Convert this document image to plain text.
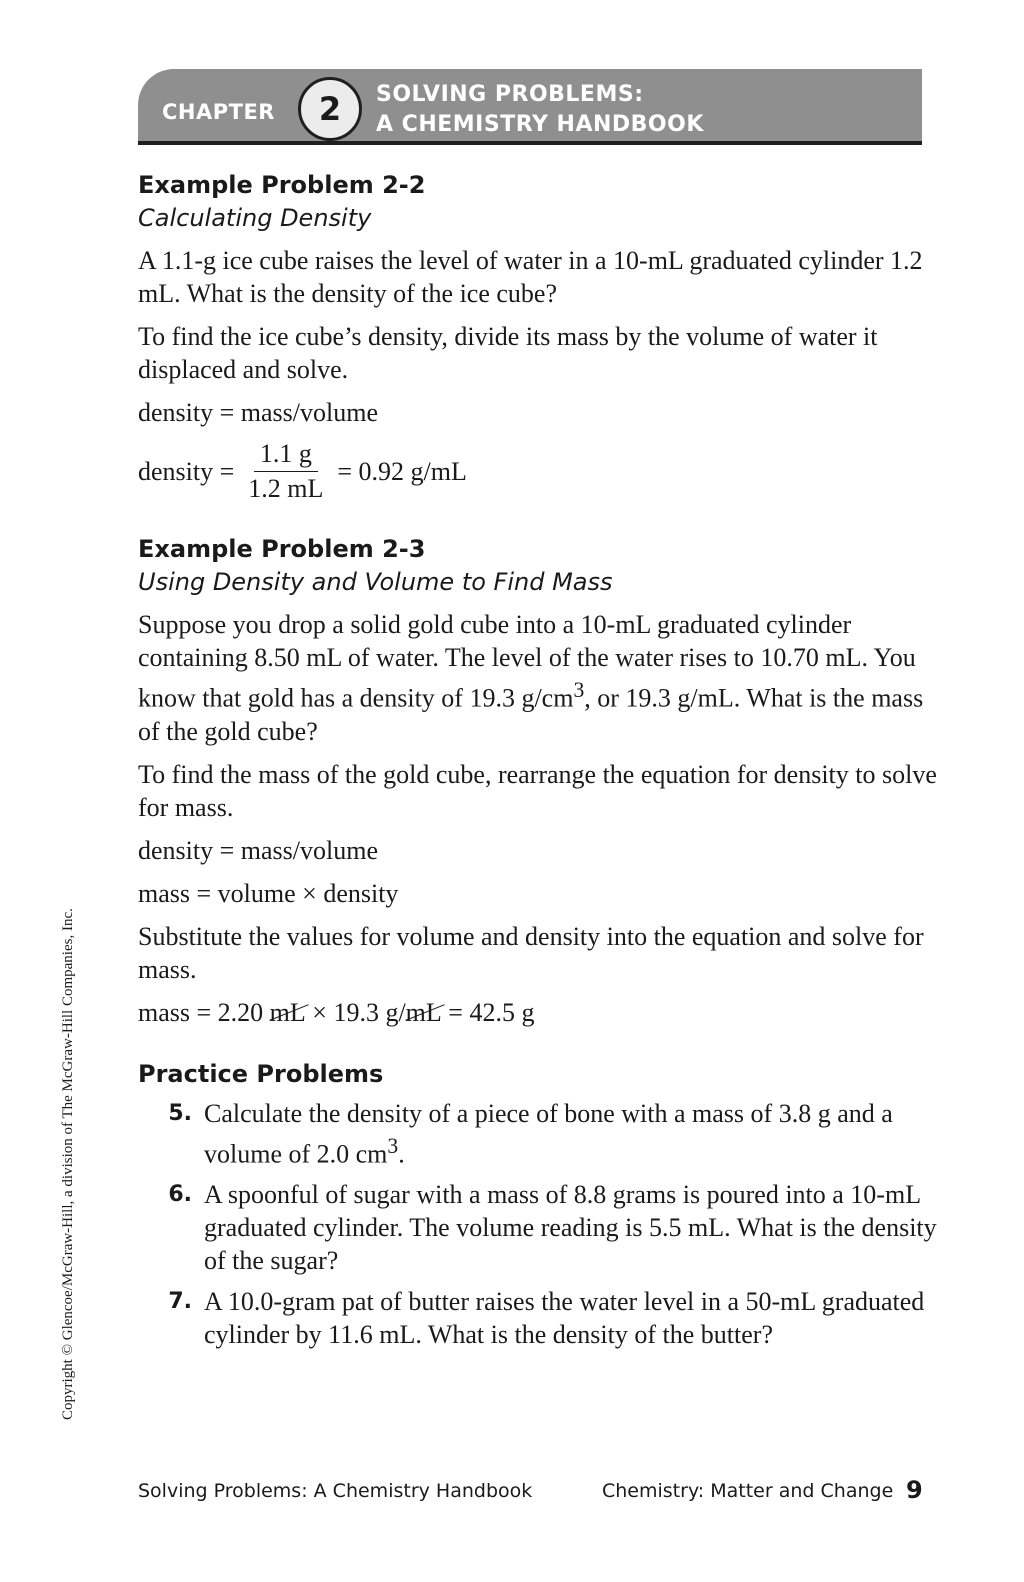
CHAPTER	2	SOLVING PROBLEMS:
A CHEMISTRY HANDBOOK
Example Problem 2-2
Calculating Density

A 1.1-g ice cube raises the level of water in a 10-mL graduated cylinder 1.2 mL. What is the density of the ice cube?

To find the ice cube’s density, divide its mass by the volume of water it displaced and solve.

density = mass/volume
density = $\frac{1.1 g}{1.2 mL} = 0.92$ g/mL
Example Problem 2-3
Using Density and Volume to Find Mass

Suppose you drop a solid gold cube into a 10-mL graduated cylinder containing 8.50 mL of water. The level of the water rises to 10.70 mL. You know that gold has a density of 19.3 $g/cm^3$, or 19.3 g/mL. What is the mass of the gold cube?

To find the mass of the gold cube, rearrange the equation for density to solve for mass.

density = mass/volume
mass = volume × density

Substitute the values for volume and density into the equation and solve for mass.

mass = 2.20 mL × 19.3 g/mL = 42.5 g
Practice Problems
5. Calculate the density of a piece of bone with a mass of 3.8 g and a volume of 2.0 $cm^3$.
6. A spoonful of sugar with a mass of 8.8 grams is poured into a 10-mL graduated cylinder. The volume reading is 5.5 mL. What is the density of the sugar?
7. A 10.0-gram pat of butter raises the water level in a 50-mL graduated cylinder by 11.6 mL. What is the density of the butter?
Copyright © Glencoe/McGraw-Hill, a division of The McGraw-Hill Companies, Inc.
Solving Problems: A Chemistry Handbook	Chemistry: Matter and Change 9
